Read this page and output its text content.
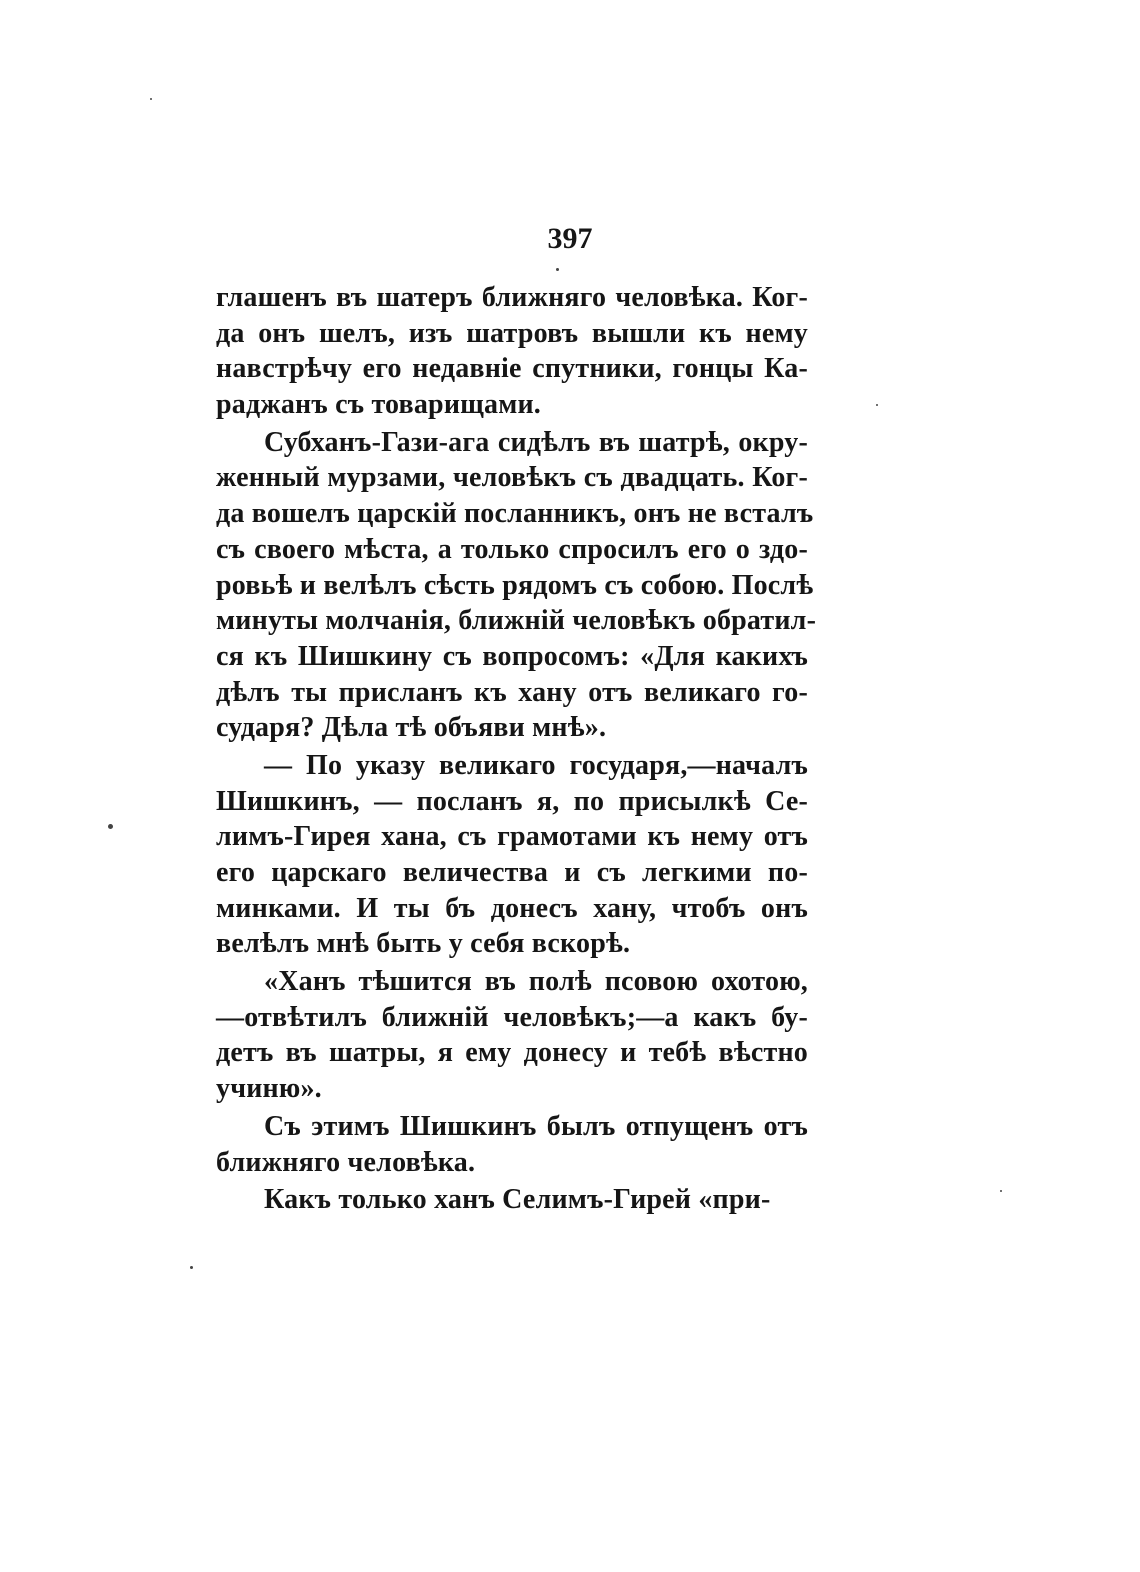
397
глашенъ въ шатеръ ближняго человѣка. Ког-
да онъ шелъ, изъ шатровъ вышли къ нему
навстрѣчу его недавніе спутники, гонцы Ка-
раджанъ съ товарищами.
Субханъ-Гази-ага сидѣлъ въ шатрѣ, окру-
женный мурзами, человѣкъ съ двадцать. Ког-
да вошелъ царскій посланникъ, онъ не всталъ
съ своего мѣста, а только спросилъ его о здо-
ровьѣ и велѣлъ сѣсть рядомъ съ собою. Послѣ
минуты молчанія, ближній человѣкъ обратил-
ся къ Шишкину съ вопросомъ: «Для какихъ
дѣлъ ты присланъ къ хану отъ великаго го-
сударя? Дѣла тѣ объяви мнѣ».
— По указу великаго государя,—началъ
Шишкинъ, — посланъ я, по присылкѣ Се-
лимъ-Гирея хана, съ грамотами къ нему отъ
его царскаго величества и съ легкими по-
минками. И ты бъ донесъ хану, чтобъ онъ
велѣлъ мнѣ быть у себя вскорѣ.
«Ханъ тѣшится въ полѣ псовою охотою,
—отвѣтилъ ближній человѣкъ;—а какъ бу-
детъ въ шатры, я ему донесу и тебѣ вѣстно
учиню».
Съ этимъ Шишкинъ былъ отпущенъ отъ
ближняго человѣка.
Какъ только ханъ Селимъ-Гирей «при-
